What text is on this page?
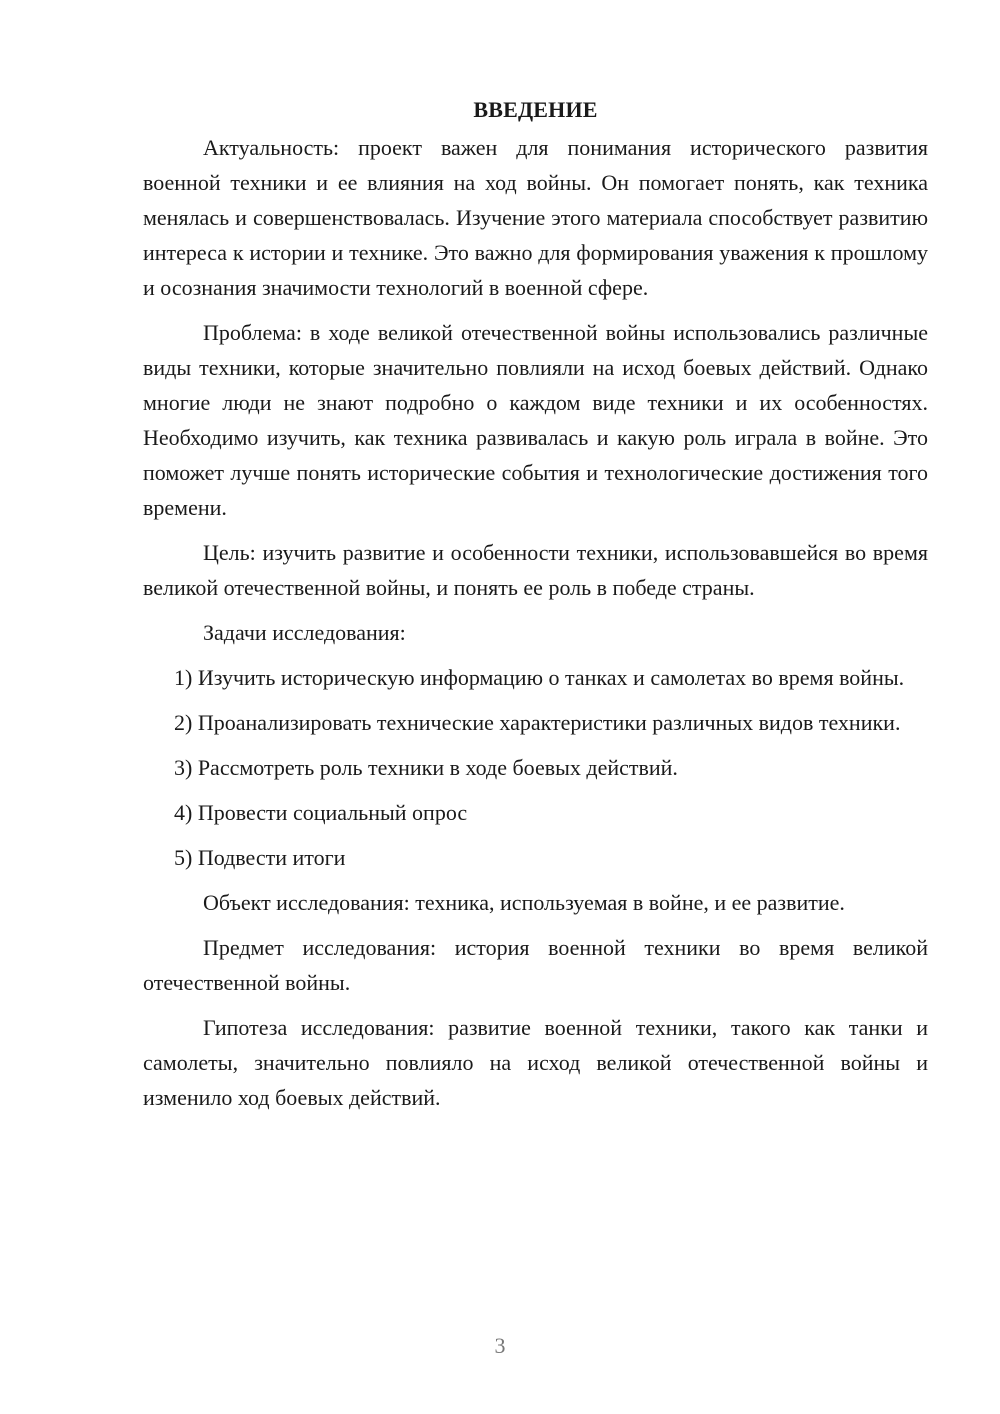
ВВЕДЕНИЕ

Актуальность: проект важен для понимания исторического развития военной техники и ее влияния на ход войны. Он помогает понять, как техника менялась и совершенствовалась. Изучение этого материала способствует развитию интереса к истории и технике. Это важно для формирования уважения к прошлому и осознания значимости технологий в военной сфере.

Проблема: в ходе великой отечественной войны использовались различные виды техники, которые значительно повлияли на исход боевых действий. Однако многие люди не знают подробно о каждом виде техники и их особенностях. Необходимо изучить, как техника развивалась и какую роль играла в войне. Это поможет лучше понять исторические события и технологические достижения того времени.

Цель: изучить развитие и особенности техники, использовавшейся во время великой отечественной войны, и понять ее роль в победе страны.

Задачи исследования:

1) Изучить историческую информацию о танках и самолетах во время войны.

2) Проанализировать технические характеристики различных видов техники.

3) Рассмотреть роль техники в ходе боевых действий.

4) Провести социальный опрос

5) Подвести итоги

Объект исследования: техника, используемая в войне, и ее развитие.

Предмет исследования: история военной техники во время великой отечественной войны.

Гипотеза исследования: развитие военной техники, такого как танки и самолеты, значительно повлияло на исход великой отечественной войны и изменило ход боевых действий.

3
